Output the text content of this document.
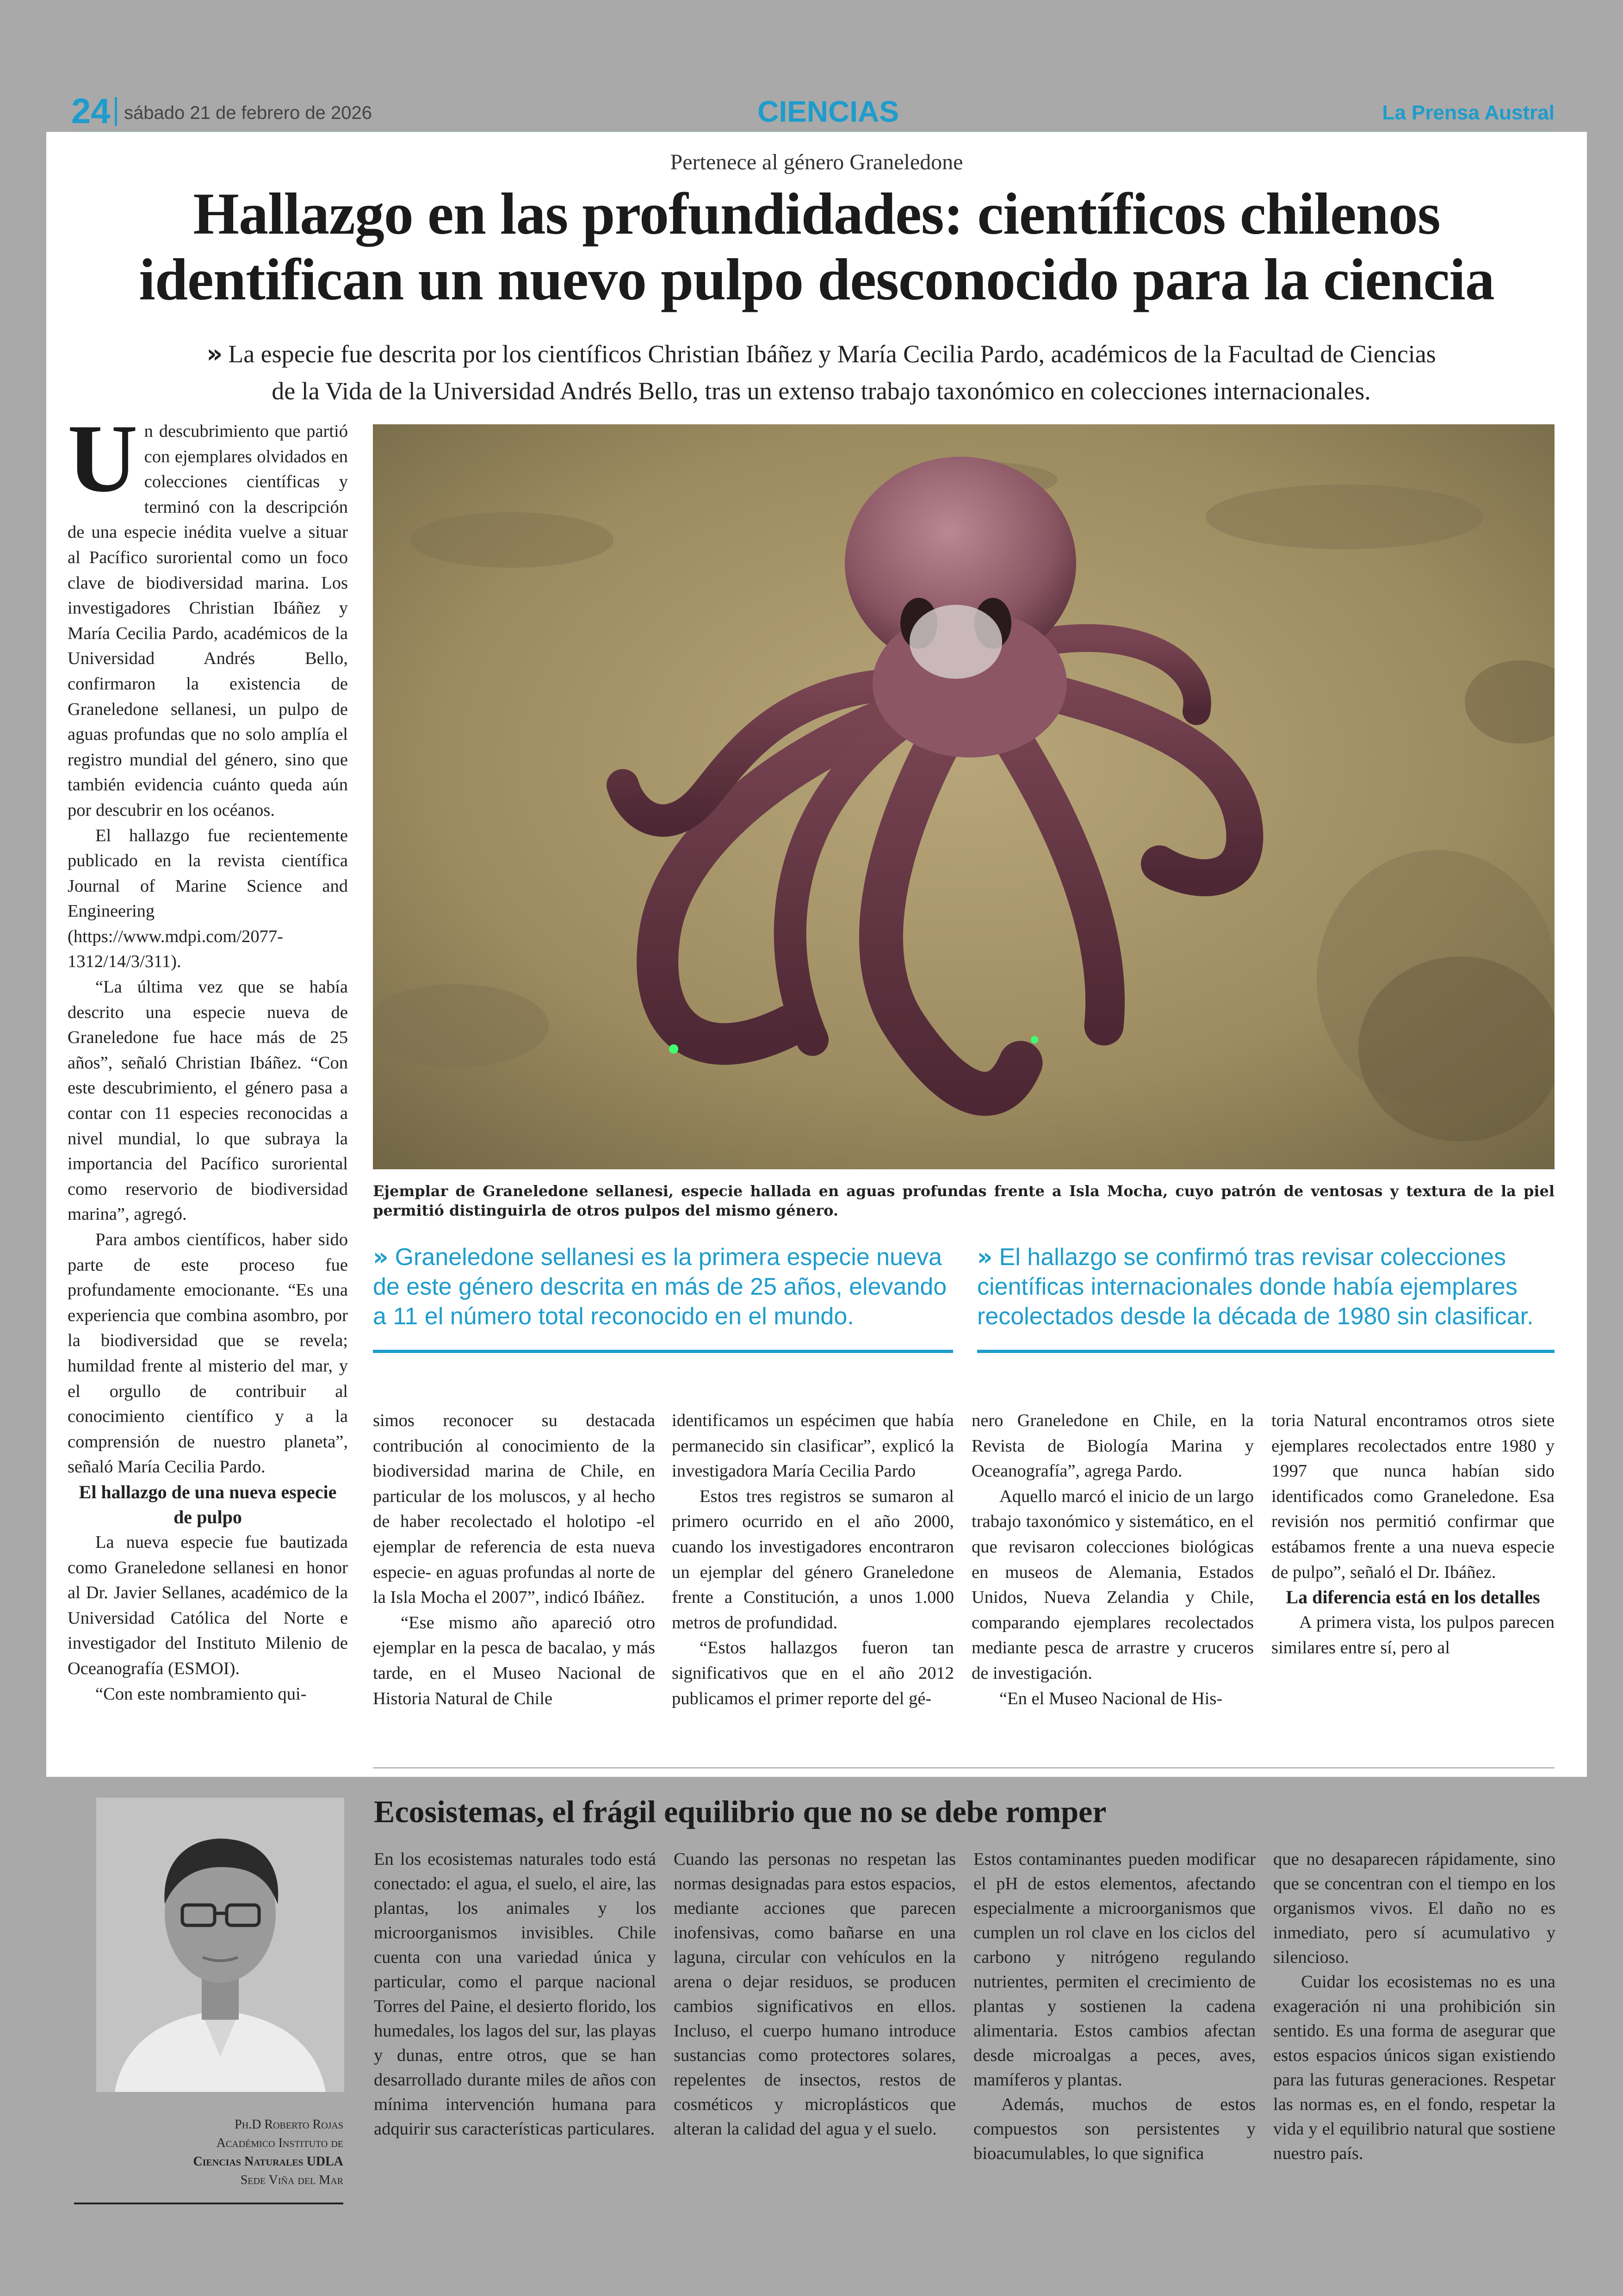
24 sábado 21 de febrero de 2026	CIENCIAS	La Prensa Austral
Pertenece al género Graneledone
Hallazgo en las profundidades: científicos chilenos
identifican un nuevo pulpo desconocido para la ciencia
» La especie fue descrita por los científicos Christian Ibáñez y María Cecilia Pardo, académicos de la Facultad de Ciencias
de la Vida de la Universidad Andrés Bello, tras un extenso trabajo taxonómico en colecciones internacionales.
Ejemplar de Graneledone sellanesi, especie hallada en aguas profundas frente a Isla Mocha, cuyo patrón de ventosas y textura de la piel permitió distinguirla de otros pulpos del mismo género.
» Graneledone sellanesi es la primera especie nueva de este género descrita en más de 25 años, elevando a 11 el número total reconocido en el mundo.
» El hallazgo se confirmó tras revisar colecciones científicas internacionales donde había ejemplares recolectados desde la década de 1980 sin clasificar.

Un descubrimiento que partió con ejemplares olvidados en colecciones científicas y terminó con la descripción de una especie inédita vuelve a situar al Pacífico suroriental como un foco clave de biodiversidad marina. Los investigadores Christian Ibáñez y María Cecilia Pardo, académicos de la Universidad Andrés Bello, confirmaron la existencia de Graneledone sellanesi, un pulpo de aguas profundas que no solo amplía el registro mundial del género, sino que también evidencia cuánto queda aún por descubrir en los océanos.

El hallazgo fue recientemente publicado en la revista científica Journal of Marine Science and Engineering (https://www.mdpi.com/2077-1312/14/3/311).

“La última vez que se había descrito una especie nueva de Graneledone fue hace más de 25 años”, señaló Christian Ibáñez. “Con este descubrimiento, el género pasa a contar con 11 especies reconocidas a nivel mundial, lo que subraya la importancia del Pacífico suroriental como reservorio de biodiversidad marina”, agregó.

Para ambos científicos, haber sido parte de este proceso fue profundamente emocionante. “Es una experiencia que combina asombro, por la biodiversidad que se revela; humildad frente al misterio del mar, y el orgullo de contribuir al conocimiento científico y a la comprensión de nuestro planeta”, señaló María Cecilia Pardo.

El hallazgo de una nueva especie de pulpo

La nueva especie fue bautizada como Graneledone sellanesi en honor al Dr. Javier Sellanes, académico de la Universidad Católica del Norte e investigador del Instituto Milenio de Oceanografía (ESMOI).

“Con este nombramiento qui-

simos reconocer su destacada contribución al conocimiento de la biodiversidad marina de Chile, en particular de los moluscos, y al hecho de haber recolectado el holotipo -el ejemplar de referencia de esta nueva especie- en aguas profundas al norte de la Isla Mocha el 2007”, indicó Ibáñez.

“Ese mismo año apareció otro ejemplar en la pesca de bacalao, y más tarde, en el Museo Nacional de Historia Natural de Chile

identificamos un espécimen que había permanecido sin clasificar”, explicó la investigadora María Cecilia Pardo

Estos tres registros se sumaron al primero ocurrido en el año 2000, cuando los investigadores encontraron un ejemplar del género Graneledone frente a Constitución, a unos 1.000 metros de profundidad.

“Estos hallazgos fueron tan significativos que en el año 2012 publicamos el primer reporte del gé-

nero Graneledone en Chile, en la Revista de Biología Marina y Oceanografía”, agrega Pardo.

Aquello marcó el inicio de un largo trabajo taxonómico y sistemático, en el que revisaron colecciones biológicas en museos de Alemania, Estados Unidos, Nueva Zelandia y Chile, comparando ejemplares recolectados mediante pesca de arrastre y cruceros de investigación.

“En el Museo Nacional de His-

toria Natural encontramos otros siete ejemplares recolectados entre 1980 y 1997 que nunca habían sido identificados como Graneledone. Esa revisión nos permitió confirmar que estábamos frente a una nueva especie de pulpo”, señaló el Dr. Ibáñez.

La diferencia está en los detalles

A primera vista, los pulpos parecen similares entre sí, pero al

Ph.D Roberto Rojas
Académico Instituto de
Ciencias Naturales UDLA
Sede Viña del Mar
Ecosistemas, el frágil equilibrio que no se debe romper

En los ecosistemas naturales todo está conectado: el agua, el suelo, el aire, las plantas, los animales y los microorganismos invisibles. Chile cuenta con una variedad única y particular, como el parque nacional Torres del Paine, el desierto florido, los humedales, los lagos del sur, las playas y dunas, entre otros, que se han desarrollado durante miles de años con mínima intervención humana para adquirir sus características particulares.

Cuando las personas no respetan las normas designadas para estos espacios, mediante acciones que parecen inofensivas, como bañarse en una laguna, circular con vehículos en la arena o dejar residuos, se producen cambios significativos en ellos. Incluso, el cuerpo humano introduce sustancias como protectores solares, repelentes de insectos, restos de cosméticos y microplásticos que alteran la calidad del agua y el suelo.

Estos contaminantes pueden modificar el pH de estos elementos, afectando especialmente a microorganismos que cumplen un rol clave en los ciclos del carbono y nitrógeno regulando nutrientes, permiten el crecimiento de plantas y sostienen la cadena alimentaria. Estos cambios afectan desde microalgas a peces, aves, mamíferos y plantas.

Además, muchos de estos compuestos son persistentes y bioacumulables, lo que significa

que no desaparecen rápidamente, sino que se concentran con el tiempo en los organismos vivos. El daño no es inmediato, pero sí acumulativo y silencioso.

Cuidar los ecosistemas no es una exageración ni una prohibición sin sentido. Es una forma de asegurar que estos espacios únicos sigan existiendo para las futuras generaciones. Respetar las normas es, en el fondo, respetar la vida y el equilibrio natural que sostiene nuestro país.
